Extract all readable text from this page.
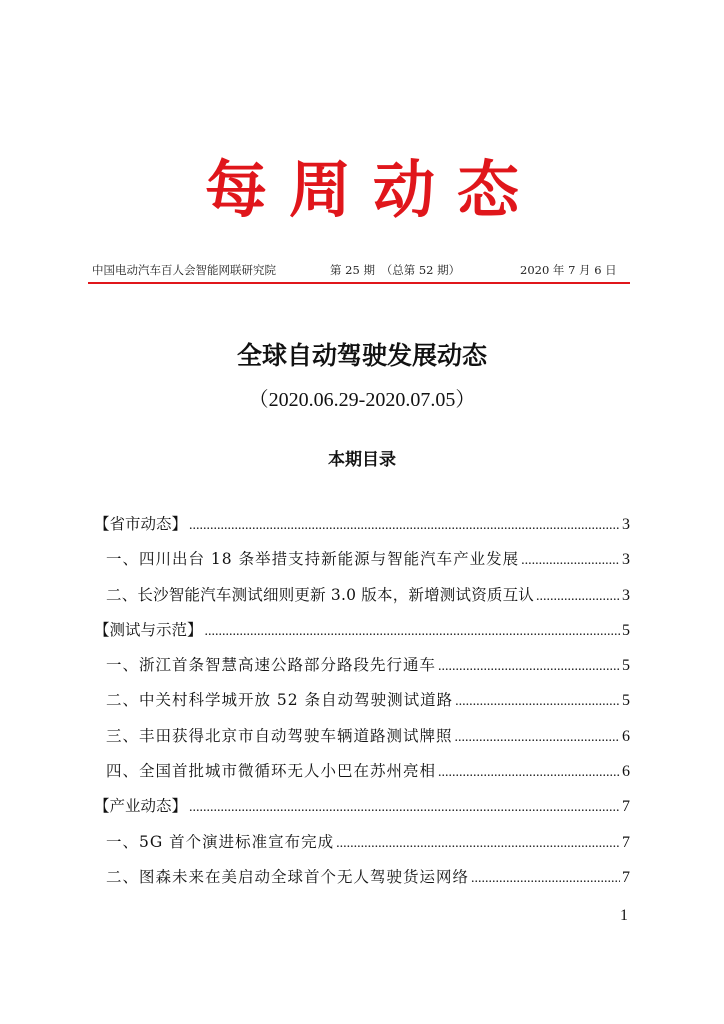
每周动态
中国电动汽车百人会智能网联研究院	第 25 期　（总第 52 期）	2020 年 7 月 6 日
全球自动驾驶发展动态
（2020.06.29-2020.07.05）
本期目录
【省市动态】 .....	3
一、四川出台 18 条举措支持新能源与智能汽车产业发展 .....	3
二、长沙智能汽车测试细则更新 3.0 版本，新增测试资质互认 .....	3
【测试与示范】 .....	5
一、浙江首条智慧高速公路部分路段先行通车 .....	5
二、中关村科学城开放 52 条自动驾驶测试道路 .....	5
三、丰田获得北京市自动驾驶车辆道路测试牌照 .....	6
四、全国首批城市微循环无人小巴在苏州亮相 .....	6
【产业动态】 .....	7
一、5G 首个演进标准宣布完成 .....	7
二、图森未来在美启动全球首个无人驾驶货运网络 .....	7
1
